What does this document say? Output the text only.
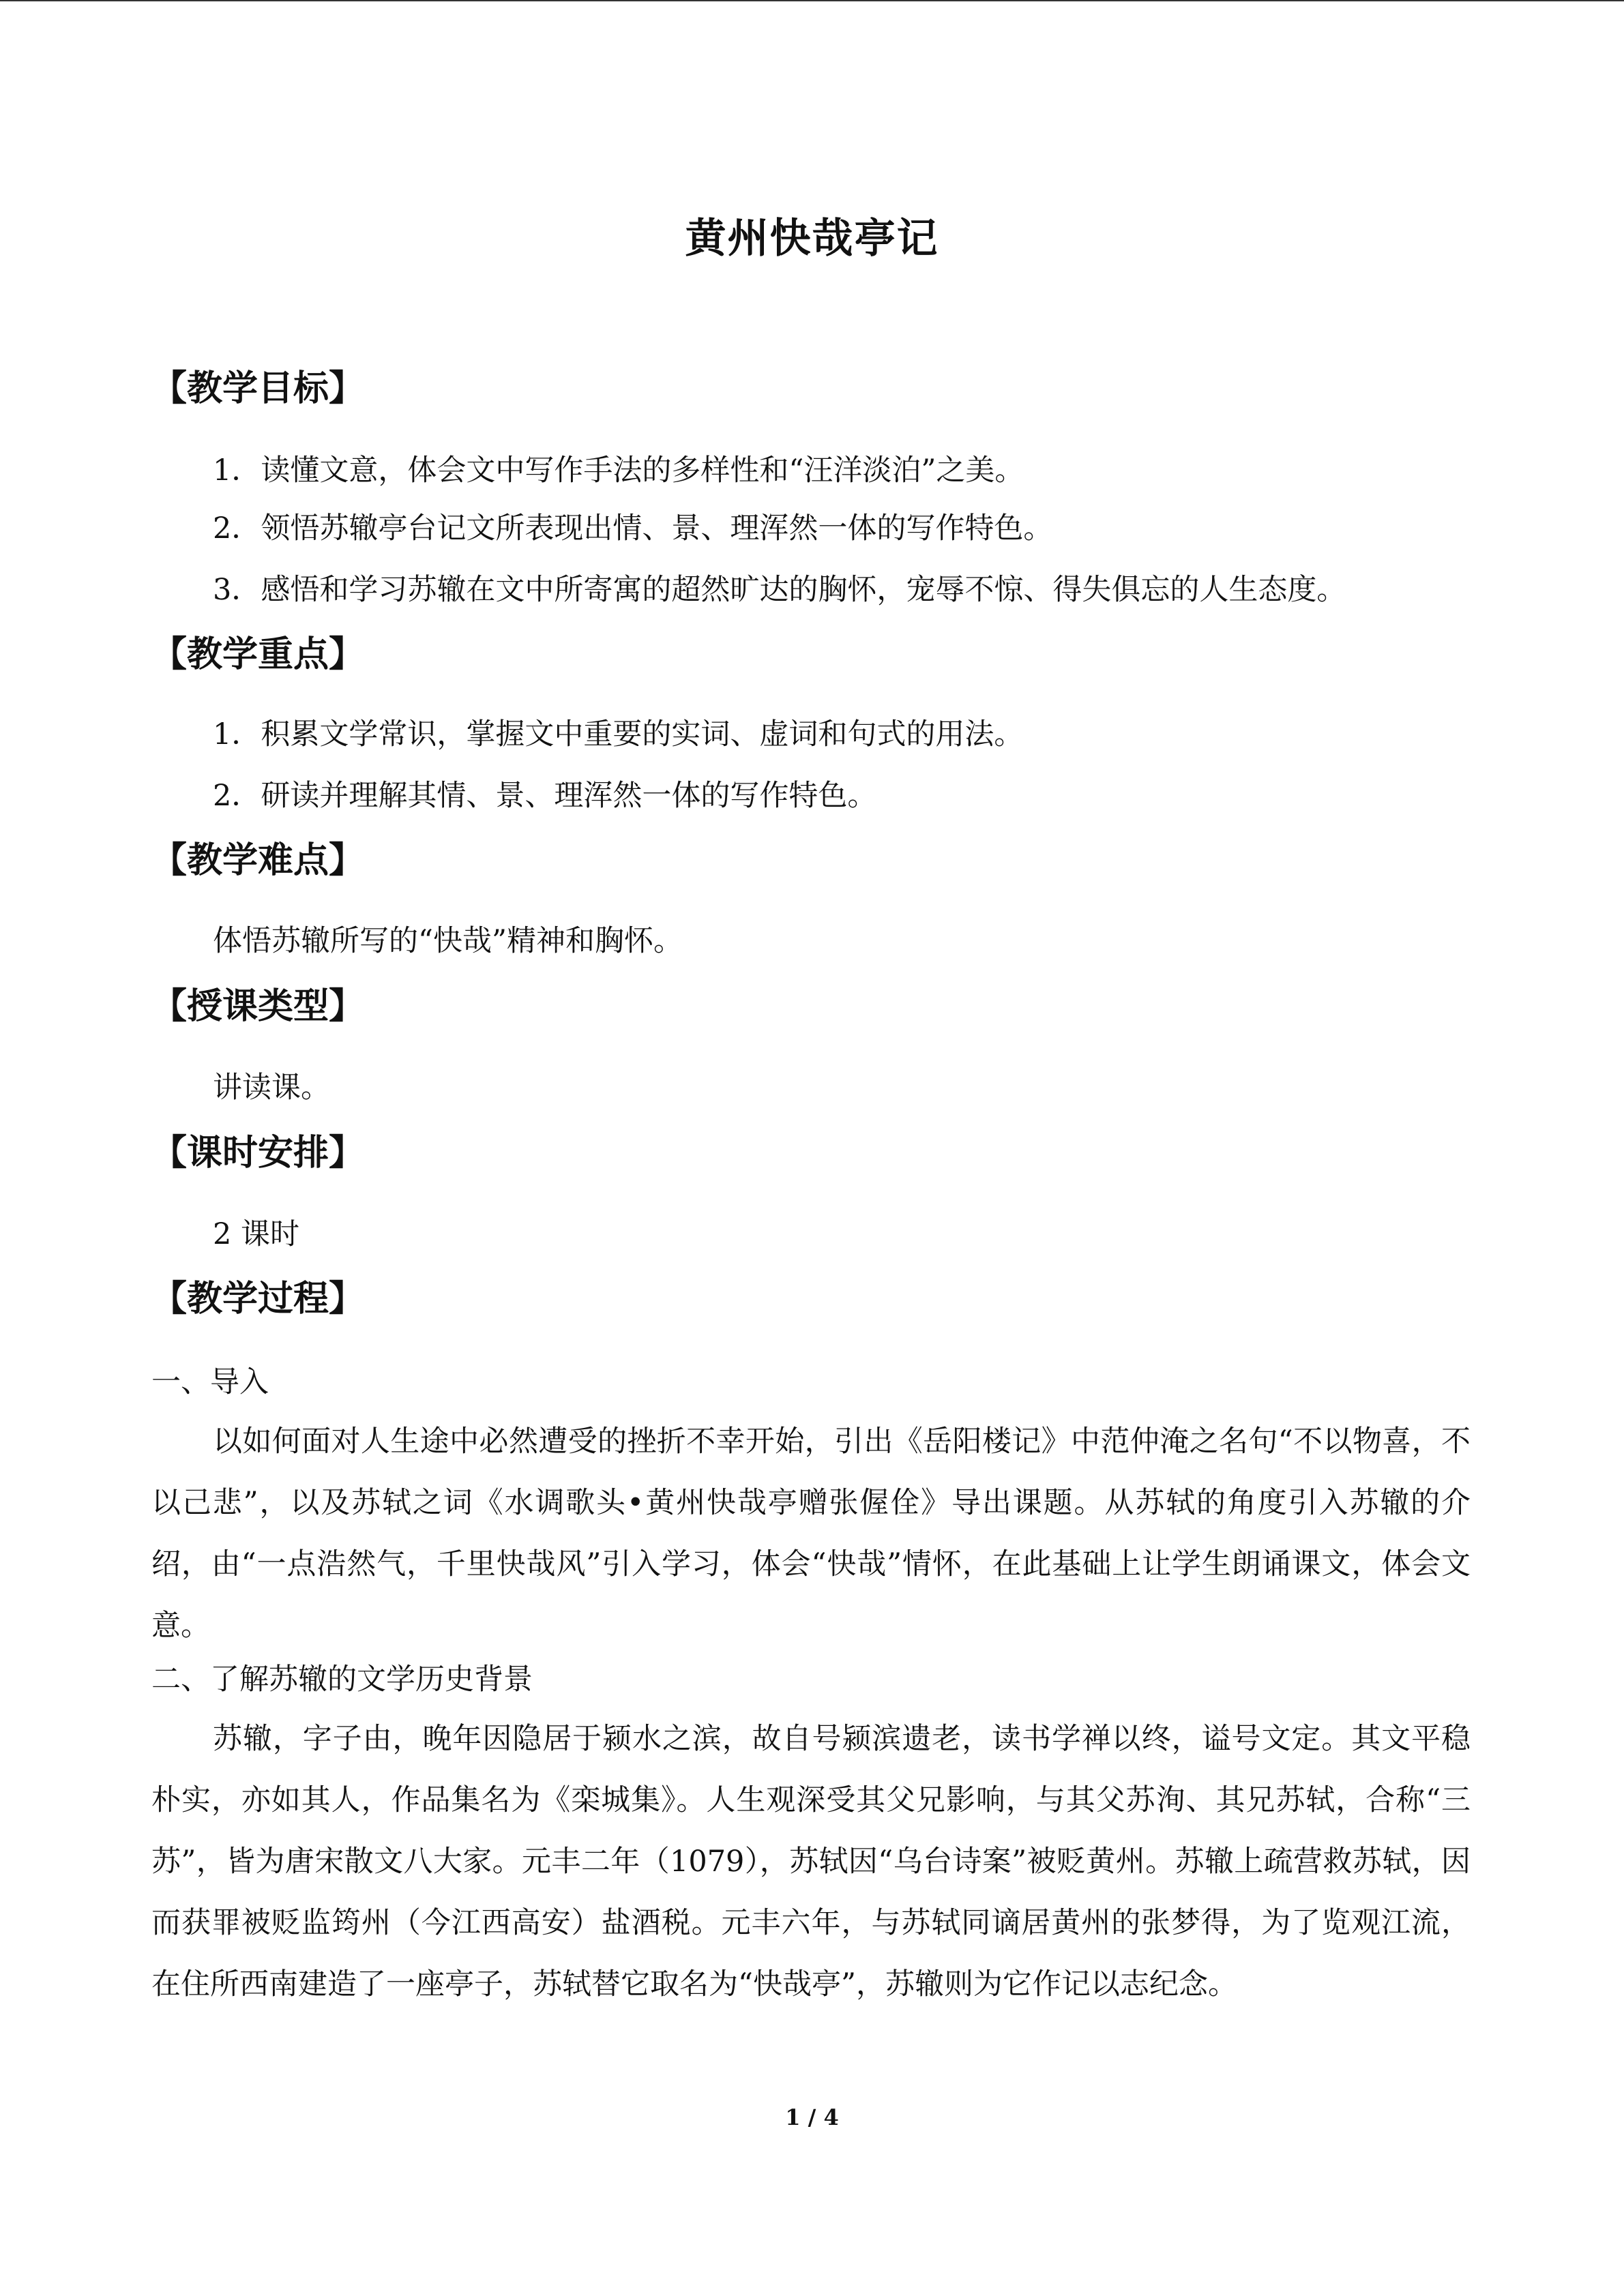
黄州快哉亭记
【教学目标】
1．读懂文意，体会文中写作手法的多样性和“汪洋淡泊”之美。
2．领悟苏辙亭台记文所表现出情、景、理浑然一体的写作特色。
3．感悟和学习苏辙在文中所寄寓的超然旷达的胸怀，宠辱不惊、得失俱忘的人生态度。
【教学重点】
1．积累文学常识，掌握文中重要的实词、虚词和句式的用法。
2．研读并理解其情、景、理浑然一体的写作特色。
【教学难点】
体悟苏辙所写的“快哉”精神和胸怀。
【授课类型】
讲读课。
【课时安排】
2 课时
【教学过程】
一、导入
以如何面对人生途中必然遭受的挫折不幸开始，引出《岳阳楼记》中范仲淹之名句“不以物喜，不以己悲”，以及苏轼之词《水调歌头•黄州快哉亭赠张偓佺》导出课题。从苏轼的角度引入苏辙的介绍，由“一点浩然气，千里快哉风”引入学习，体会“快哉”情怀，在此基础上让学生朗诵课文，体会文意。
二、了解苏辙的文学历史背景
苏辙，字子由，晚年因隐居于颍水之滨，故自号颍滨遗老，读书学禅以终，谥号文定。其文平稳朴实，亦如其人，作品集名为《栾城集》。人生观深受其父兄影响，与其父苏洵、其兄苏轼，合称“三苏”，皆为唐宋散文八大家。元丰二年（1079），苏轼因“乌台诗案”被贬黄州。苏辙上疏营救苏轼，因而获罪被贬监筠州（今江西高安）盐酒税。元丰六年，与苏轼同谪居黄州的张梦得，为了览观江流，在住所西南建造了一座亭子，苏轼替它取名为“快哉亭”，苏辙则为它作记以志纪念。
1 / 4
